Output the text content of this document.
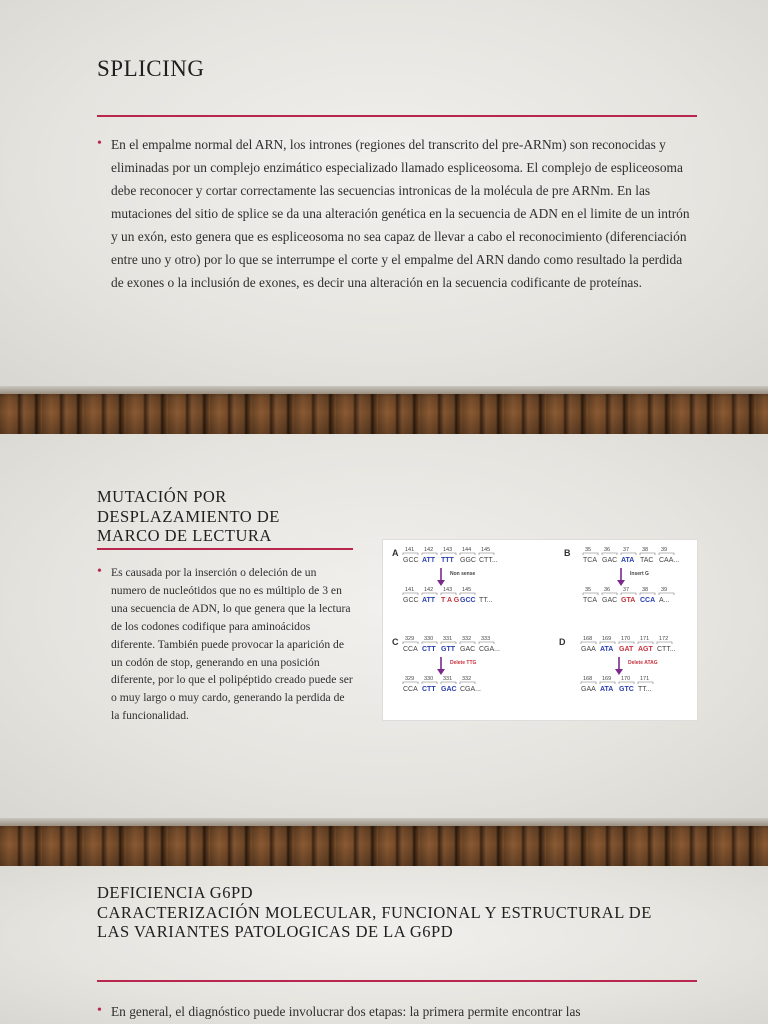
SPLICING
• En el empalme normal del ARN, los intrones (regiones del transcrito del pre-ARNm) son reconocidas y eliminadas por un complejo enzimático especializado llamado espliceosoma. El complejo de espliceosoma debe reconocer y cortar correctamente las secuencias intronicas de la molécula de pre ARNm. En las mutaciones del sitio de splice se da una alteración genética en la secuencia de ADN en el limite de un intrón y un exón, esto genera que es espliceosoma no sea capaz de llevar a cabo el reconocimiento (diferenciación entre uno y otro) por lo que se interrumpe el corte y el empalme del ARN dando como resultado la perdida de exones o la inclusión de exones, es decir una alteración en la secuencia codificante de proteínas.
MUTACIÓN POR
DESPLAZAMIENTO DE
MARCO DE LECTURA
• Es causada por la inserción o deleción de un numero de nucleótidos que no es múltiplo de 3 en una secuencia de ADN, lo que genera que la lectura de los codones codifique para aminoácidos diferente. También puede provocar la aparición de un codón de stop, generando en una posición diferente, por lo que el polipéptido creado puede ser o muy largo o muy cardo, generando la perdida de la funcionalidad.
A 141
GCC
142
ATT
143
TTT
144
GGC
145
CTT...
Non sense
141
GCC
142
ATT
143
T A G
145
GCC TT...
B	35
TCA
36
GAC
37
ATA
38
TAC
39
CAA...
Insert G
35
TCA
36
GAC
37
GTA
38
CCA
39
A...
C 329
CCA
330
CTT
331
GTT
332
GAC
333
CGA...
Delete TTG
329
CCA
330
CTT
331
GAC
332
CGA...
D	168
GAA
169
ATA
170
GAT
171
AGT
172
CTT...
Delete ATAG
168
GAA
169
ATA
170
GTC
171
TT...
DEFICIENCIA G6PD
CARACTERIZACIÓN MOLECULAR, FUNCIONAL Y ESTRUCTURAL DE
LAS VARIANTES PATOLOGICAS DE LA G6PD
• En general, el diagnóstico puede involucrar dos etapas: la primera permite encontrar las
